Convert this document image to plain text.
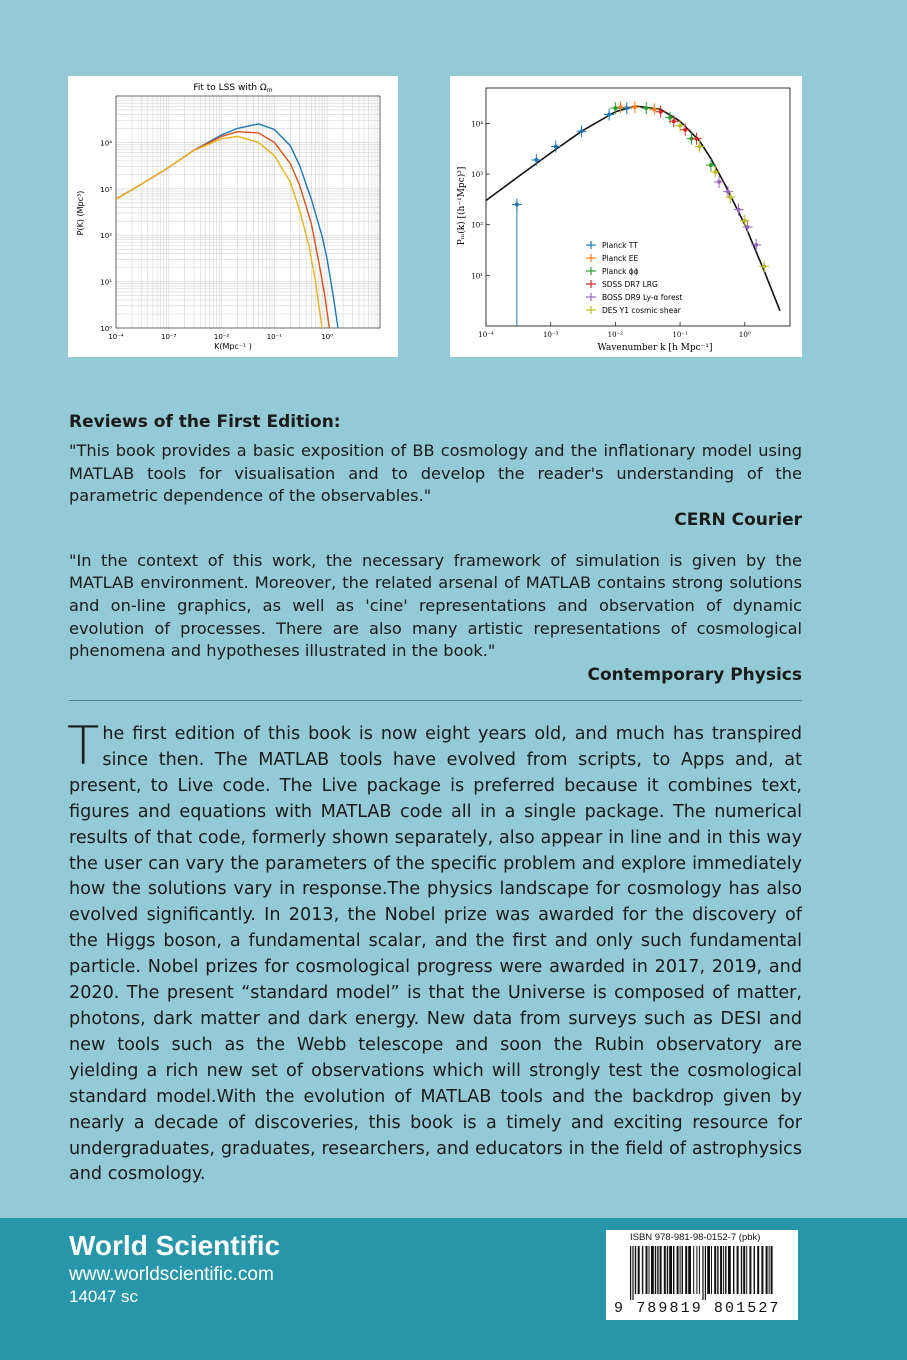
Fit to LSS with $\Omega_m$
K(Mpc⁻¹ )
P(K) (Mpc³)
10⁻⁴	10⁻³	10⁻²	10⁻¹	10⁰
10⁰
10¹
10²
10³
10⁴
Wavenumber k [h Mpc⁻¹]
Pₘ(k) [(h⁻¹Mpc)³]
10⁻⁴	10⁻³	10⁻²	10⁻¹	10⁰
10¹
10²
10³
10⁴
Planck TT
Planck EE
Planck ϕϕ
SDSS DR7 LRG
BOSS DR9 Ly-α forest
DES Y1 cosmic shear

Reviews of the First Edition:

"This book provides a basic exposition of BB cosmology and the inflationary model using MATLAB tools for visualisation and to develop the reader's understanding of the parametric dependence of the observables."

CERN Courier

"In the context of this work, the necessary framework of simulation is given by the MATLAB environment. Moreover, the related arsenal of MATLAB contains strong solutions and on-line graphics, as well as 'cine' representations and observation of dynamic evolution of processes. There are also many artistic representations of cosmological phenomena and hypotheses illustrated in the book."

Contemporary Physics

The first edition of this book is now eight years old, and much has transpired since then. The MATLAB tools have evolved from scripts, to Apps and, at present, to Live code. The Live package is preferred because it combines text, figures and equations with MATLAB code all in a single package. The numerical results of that code, formerly shown separately, also appear in line and in this way the user can vary the parameters of the specific problem and explore immediately how the solutions vary in response.The physics landscape for cosmology has also evolved significantly. In 2013, the Nobel prize was awarded for the discovery of the Higgs boson, a fundamental scalar, and the first and only such fundamental particle. Nobel prizes for cosmological progress were awarded in 2017, 2019, and 2020. The present “standard model” is that the Universe is composed of matter, photons, dark matter and dark energy. New data from surveys such as DESI and new tools such as the Webb telescope and soon the Rubin observatory are yielding a rich new set of observations which will strongly test the cosmological standard model.With the evolution of MATLAB tools and the backdrop given by nearly a decade of discoveries, this book is a timely and exciting resource for undergraduates, graduates, researchers, and educators in the field of astrophysics and cosmology.
World Scientific
www.worldscientific.com
14047 sc
ISBN 978-981-98-0152-7 (pbk)
9 789819 801527
